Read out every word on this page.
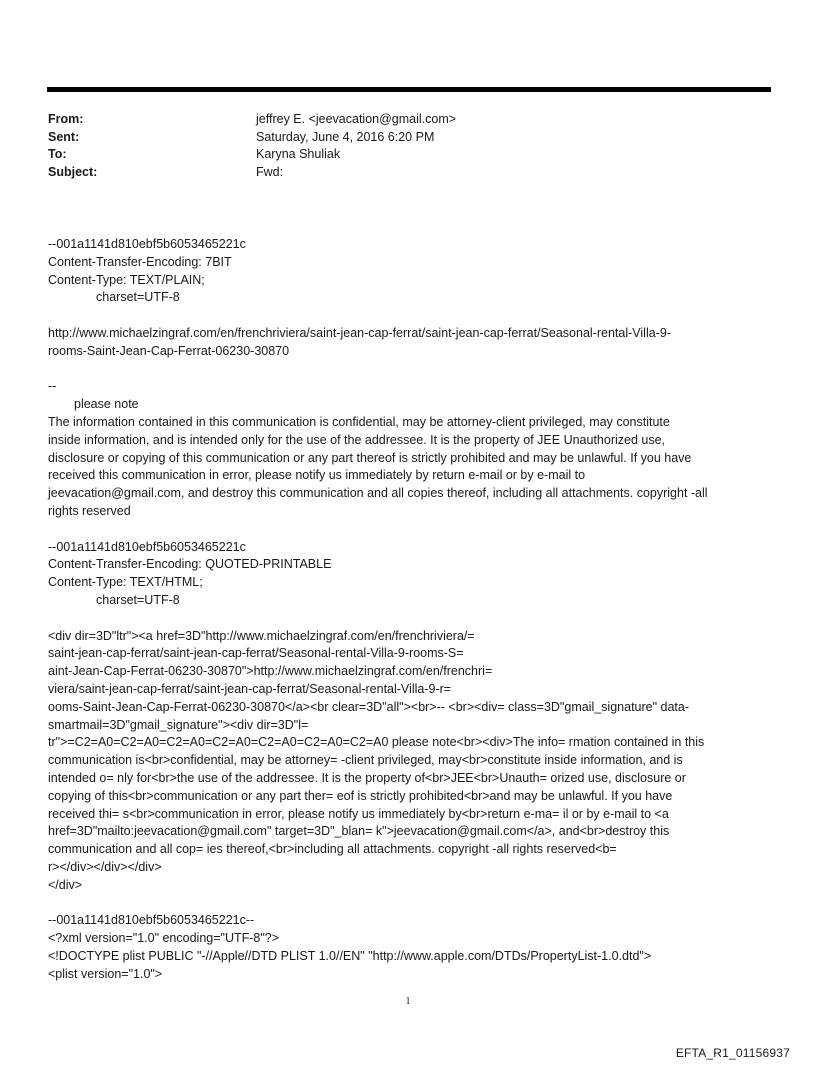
From:	jeffrey E. <jeevacation@gmail.com>
Sent:	Saturday, June 4, 2016 6:20 PM
To:	Karyna Shuliak
Subject:	Fwd:

--001a1141d810ebf5b6053465221c

Content-Transfer-Encoding: 7BIT

Content-Type: TEXT/PLAIN;

charset=UTF-8

http://www.michaelzingraf.com/en/frenchriviera/saint-jean-cap-ferrat/saint-jean-cap-ferrat/Seasonal-rental-Villa-9-

rooms-Saint-Jean-Cap-Ferrat-06230-30870

--

please note

The information contained in this communication is confidential, may be attorney-client privileged, may constitute

inside information, and is intended only for the use of the addressee. It is the property of JEE Unauthorized use,

disclosure or copying of this communication or any part thereof is strictly prohibited and may be unlawful. If you have

received this communication in error, please notify us immediately by return e-mail or by e-mail to

jeevacation@gmail.com, and destroy this communication and all copies thereof, including all attachments. copyright -all

rights reserved

--001a1141d810ebf5b6053465221c

Content-Transfer-Encoding: QUOTED-PRINTABLE

Content-Type: TEXT/HTML;

charset=UTF-8

<div dir=3D"ltr"><a href=3D"http://www.michaelzingraf.com/en/frenchriviera/=

saint-jean-cap-ferrat/saint-jean-cap-ferrat/Seasonal-rental-Villa-9-rooms-S=

aint-Jean-Cap-Ferrat-06230-30870">http://www.michaelzingraf.com/en/frenchri=

viera/saint-jean-cap-ferrat/saint-jean-cap-ferrat/Seasonal-rental-Villa-9-r=

ooms-Saint-Jean-Cap-Ferrat-06230-30870</a><br clear=3D"all"><br>-- <br><div= class=3D"gmail_signature" data-

smartmail=3D"gmail_signature"><div dir=3D"l=

tr">=C2=A0=C2=A0=C2=A0=C2=A0=C2=A0=C2=A0=C2=A0 please note<br><div>The info= rmation contained in this

communication is<br>confidential, may be attorney= -client privileged, may<br>constitute inside information, and is

intended o= nly for<br>the use of the addressee. It is the property of<br>JEE<br>Unauth= orized use, disclosure or

copying of this<br>communication or any part ther= eof is strictly prohibited<br>and may be unlawful. If you have

received thi= s<br>communication in error, please notify us immediately by<br>return e-ma= il or by e-mail to <a

href=3D"mailto:jeevacation@gmail.com" target=3D"_blan= k">jeevacation@gmail.com</a>, and<br>destroy this

communication and all cop= ies thereof,<br>including all attachments. copyright -all rights reserved<b=

r></div></div></div>

</div>

--001a1141d810ebf5b6053465221c--

<?xml version="1.0" encoding="UTF-8"?>

<!DOCTYPE plist PUBLIC "-//Apple//DTD PLIST 1.0//EN" "http://www.apple.com/DTDs/PropertyList-1.0.dtd">

<plist version="1.0">

1
EFTA_R1_01156937
